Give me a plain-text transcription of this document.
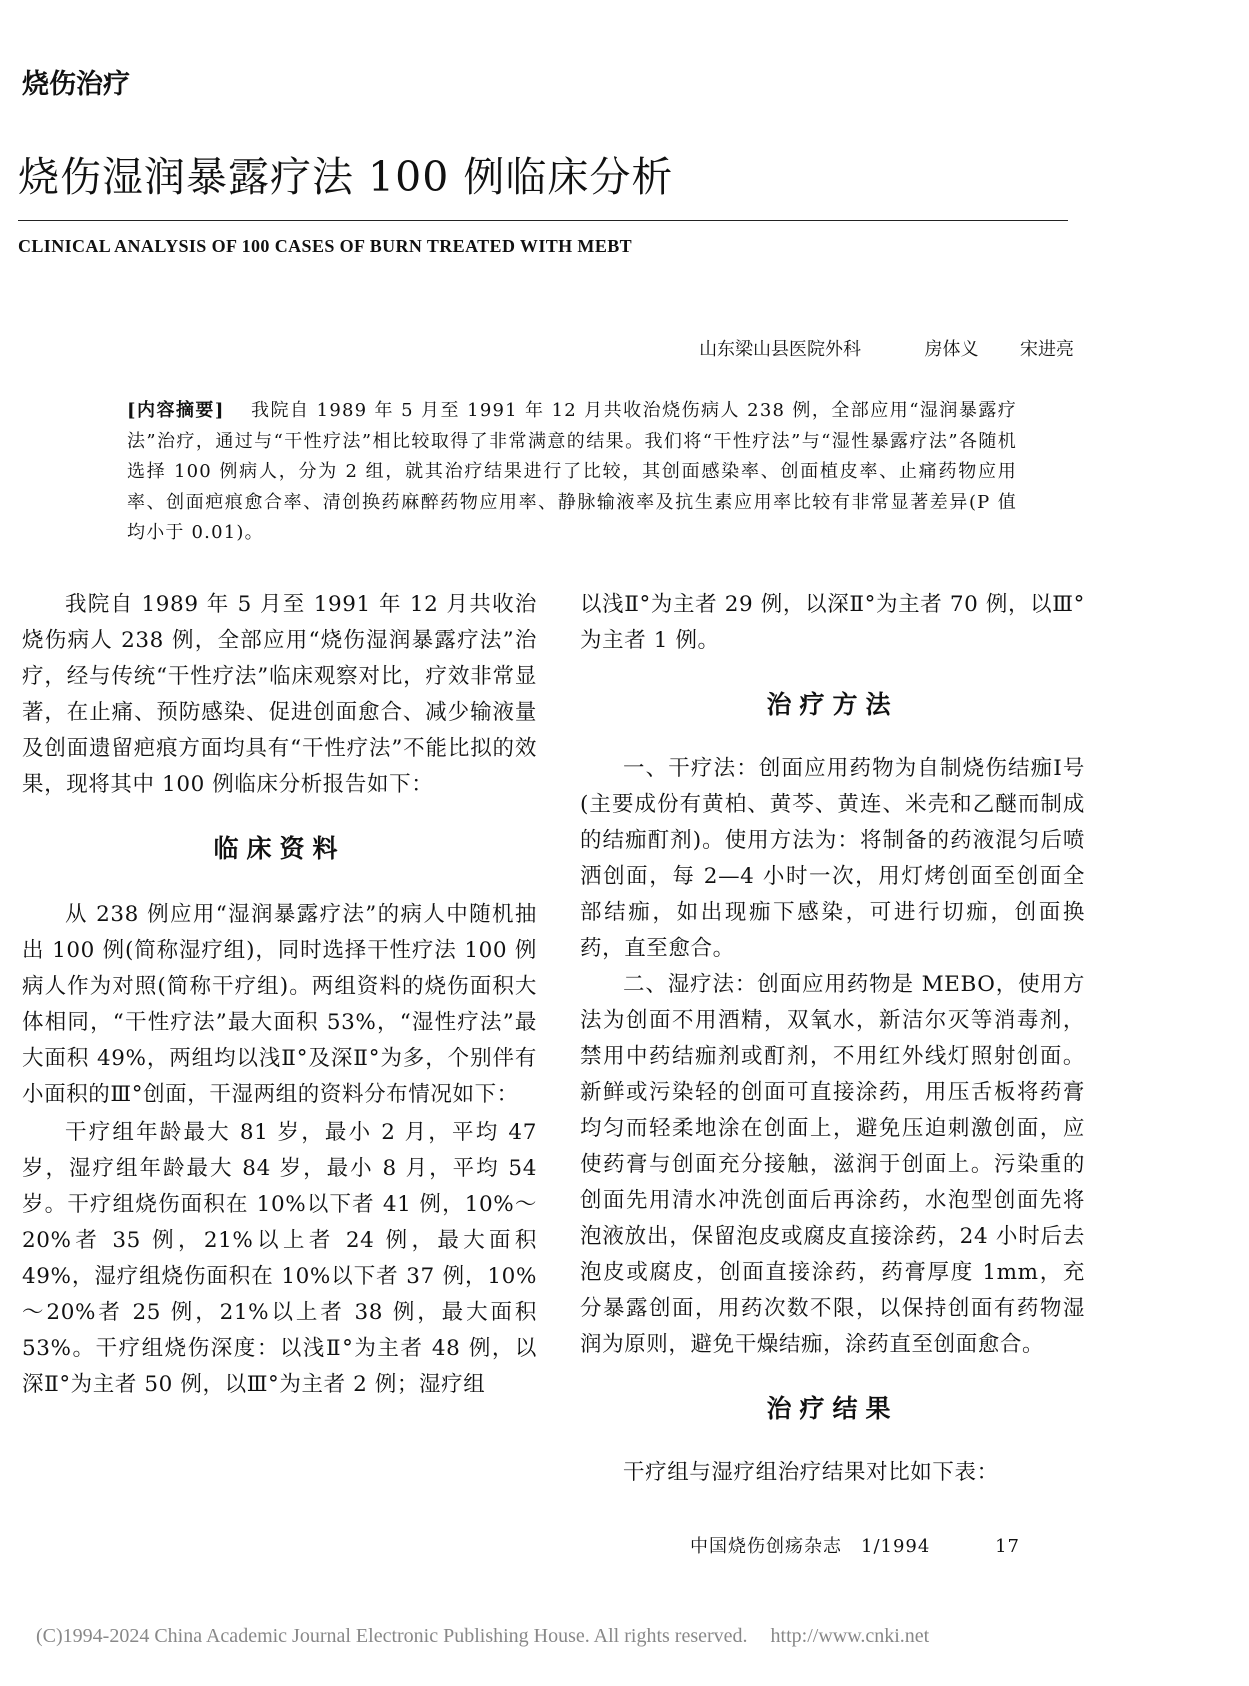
烧伤治疗
烧伤湿润暴露疗法 100 例临床分析
CLINICAL ANALYSIS OF 100 CASES OF BURN TREATED WITH MEBT
山东梁山县医院外科	房体义 宋进亮
[内容摘要] 我院自 1989 年 5 月至 1991 年 12 月共收治烧伤病人 238 例，全部应用“湿润暴露疗法”治疗，通过与“干性疗法”相比较取得了非常满意的结果。我们将“干性疗法”与“湿性暴露疗法”各随机选择 100 例病人，分为 2 组，就其治疗结果进行了比较，其创面感染率、创面植皮率、止痛药物应用率、创面疤痕愈合率、清创换药麻醉药物应用率、静脉输液率及抗生素应用率比较有非常显著差异(P 值均小于 0.01)。

我院自 1989 年 5 月至 1991 年 12 月共收治烧伤病人 238 例，全部应用“烧伤湿润暴露疗法”治疗，经与传统“干性疗法”临床观察对比，疗效非常显著，在止痛、预防感染、促进创面愈合、减少输液量及创面遗留疤痕方面均具有“干性疗法”不能比拟的效果，现将其中 100 例临床分析报告如下：

临床资料

从 238 例应用“湿润暴露疗法”的病人中随机抽出 100 例(简称湿疗组)，同时选择干性疗法 100 例病人作为对照(简称干疗组)。两组资料的烧伤面积大体相同，“干性疗法”最大面积 53%，“湿性疗法”最大面积 49%，两组均以浅Ⅱ°及深Ⅱ°为多，个别伴有小面积的Ⅲ°创面，干湿两组的资料分布情况如下：

干疗组年龄最大 81 岁，最小 2 月，平均 47 岁，湿疗组年龄最大 84 岁，最小 8 月，平均 54 岁。干疗组烧伤面积在 10%以下者 41 例，10%～20%者 35 例，21%以上者 24 例，最大面积 49%，湿疗组烧伤面积在 10%以下者 37 例，10%～20%者 25 例，21%以上者 38 例，最大面积 53%。干疗组烧伤深度：以浅Ⅱ°为主者 48 例，以深Ⅱ°为主者 50 例，以Ⅲ°为主者 2 例；湿疗组

以浅Ⅱ°为主者 29 例，以深Ⅱ°为主者 70 例，以Ⅲ°为主者 1 例。

治疗方法

一、干疗法：创面应用药物为自制烧伤结痂Ⅰ号(主要成份有黄柏、黄芩、黄连、米壳和乙醚而制成的结痂酊剂)。使用方法为：将制备的药液混匀后喷洒创面，每 2—4 小时一次，用灯烤创面至创面全部结痂，如出现痂下感染，可进行切痂，创面换药，直至愈合。

二、湿疗法：创面应用药物是 MEBO，使用方法为创面不用酒精，双氧水，新洁尔灭等消毒剂，禁用中药结痂剂或酊剂，不用红外线灯照射创面。新鲜或污染轻的创面可直接涂药，用压舌板将药膏均匀而轻柔地涂在创面上，避免压迫刺激创面，应使药膏与创面充分接触，滋润于创面上。污染重的创面先用清水冲洗创面后再涂药，水泡型创面先将泡液放出，保留泡皮或腐皮直接涂药，24 小时后去泡皮或腐皮，创面直接涂药，药膏厚度 1mm，充分暴露创面，用药次数不限，以保持创面有药物湿润为原则，避免干燥结痂，涂药直至创面愈合。

治疗结果

干疗组与湿疗组治疗结果对比如下表：

中国烧伤创疡杂志　1/1994	17
(C)1994-2024 China Academic Journal Electronic Publishing House. All rights reserved. http://www.cnki.net
